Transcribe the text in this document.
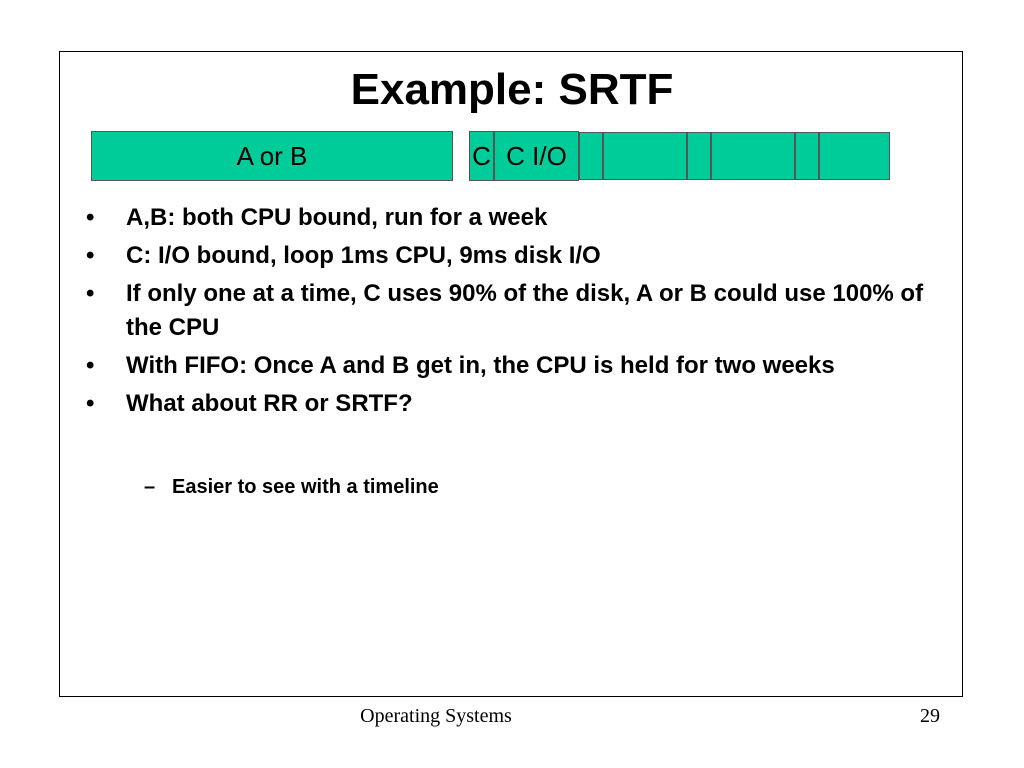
Example: SRTF
A or B	C C I/O
•	A,B: both CPU bound, run for a week
•	C: I/O bound, loop 1ms CPU, 9ms disk I/O
•	If only one at a time, C uses 90% of the disk, A or B could use 100% of the CPU
•	With FIFO: Once A and B get in, the CPU is held for two weeks
•	What about RR or SRTF?
– Easier to see with a timeline
Operating Systems	29
